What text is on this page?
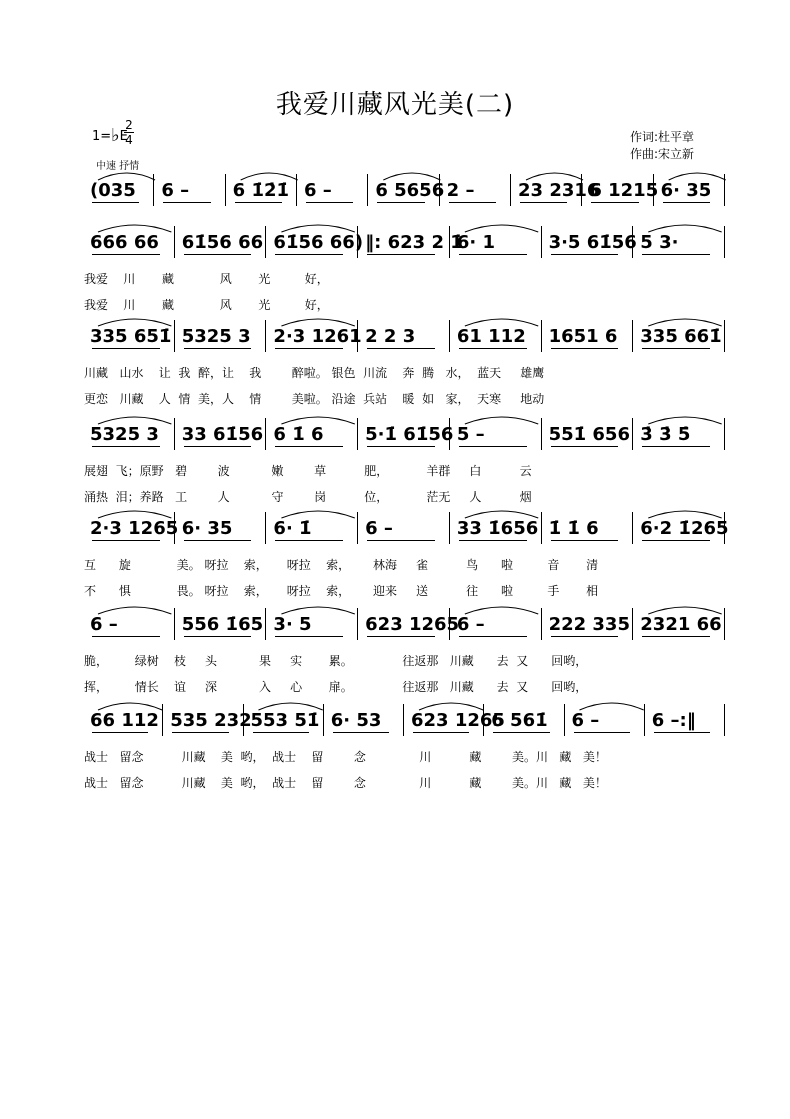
我爱川藏风光美(二)
1=♭E
2
4
中速 抒情
作词:杜平章
作曲:宋立新
(035 6 – 6 1̇2̇1̇ 6 – 6 5656 2 – 23 2316
6 1215 6· 35
666 66 61̇56 66 61̇56 66) ‖: 623 2 1̇
6· 1	3·5 61̇56 5 3·
我爱    川       藏            风       光         好，
我爱    川       藏            风       光         好，
335 651̇ 5325 3 2·3 1261 2 2 3 61 112 1651 6 335 661̇
川藏   山水    让  我  醉，让    我        醉啦。 银色  川流    奔  腾   水，  蓝天     雄鹰
更恋   川藏    人  情  美，人    情        美啦。 沿途  兵站    暖  如   家，  天寒     地动
5325 3 33 61̇56 6 1̇ 6 5·1̇ 61̇56 5 –	551̇ 656 3̇ 3̇ 5̇
展翅  飞；原野   碧        波           嫩        草          肥，          羊群     白          云
涌热  泪；养路   工        人           守        岗          位，          茫无     人          烟
2·3 1265 6· 35 6· 1̇	6 –	33 1̇656 1̇ 1̇ 6 6·2 1̇265
互      旋            美。 呀拉    索，     呀拉    索，      林海     雀          鸟      啦         音       清
不      惧            畏。 呀拉    索，     呀拉    索，      迎来     送          往      啦         手       相
6 –	556 1̇65 3· 5	623 1265
6 –	222 335 2321 66
脆，       绿树    枝     头           果     实       累。             往返那   川藏      去  又      回哟，
挥，       情长    谊     深           入     心       扉。             往返那   川藏      去  又      回哟，
66 112 535 232
553 51̇ 6· 53 623 1265
6 561̇ 6 –	6 –:‖
战士   留念          川藏    美  哟，  战士    留        念              川          藏        美。川   藏   美！
战士   留念          川藏    美  哟，  战士    留        念              川          藏        美。川   藏   美！
